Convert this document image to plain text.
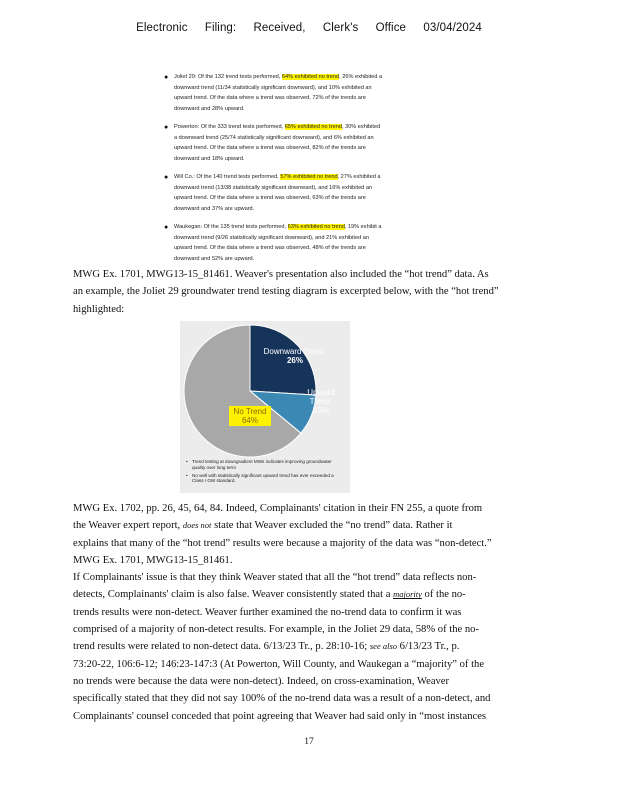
Electronic Filing: Received, Clerk's Office 03/04/2024
● Joliet 29: Of the 132 trend tests performed, 64% exhibited no trend, 26% exhibited a
downward trend (11/34 statistically significant downward), and 10% exhibited an
upward trend. Of the data where a trend was observed, 72% of the trends are
downward and 28% upward.
● Powerton: Of the 333 trend tests performed, 65% exhibited no trend, 30% exhibited
a downward trend (25/74 statistically significant downward), and 6% exhibited an
upward trend. Of the data where a trend was observed, 82% of the trends are
downward and 18% upward.
● Will Co.: Of the 140 trend tests performed, 57% exhibited no trend, 27% exhibited a
downward trend (13/38 statistically significant downward), and 16% exhibited an
upward trend. Of the data where a trend was observed, 63% of the trends are
downward and 37% are upward.
● Waukegan: Of the 135 trend tests performed, 63% exhibited no trend, 19% exhibit a
downward trend (9/26 statistically significant downward), and 21% exhibited an
upward trend. Of the data where a trend was observed, 48% of the trends are
downward and 52% are upward.
MWG Ex. 1701, MWG13-15_81461. Weaver's presentation also included the “hot trend” data. As
an example, the Joliet 29 groundwater trend testing diagram is excerpted below, with the “hot trend”
highlighted:
Downward Trend,
26%
Upward
Trend,
10%
No Trend
64%
• Trend testing at downgradient MWs indicates improving groundwater quality over long term
• No well with statistically significant upward trend has ever exceeded a Class I GW standard.
MWG Ex. 1702, pp. 26, 45, 64, 84. Indeed, Complainants' citation in their FN 255, a quote from
the Weaver expert report, does not state that Weaver excluded the “no trend” data. Rather it
explains that many of the “hot trend” results were because a majority of the data was “non-detect.”
MWG Ex. 1701, MWG13-15_81461.
If Complainants' issue is that they think Weaver stated that all the “hot trend” data reflects non-
detects, Complainants' claim is also false. Weaver consistently stated that a majority of the no-
trends results were non-detect. Weaver further examined the no-trend data to confirm it was
comprised of a majority of non-detect results. For example, in the Joliet 29 data, 58% of the no-
trend results were related to non-detect data. 6/13/23 Tr., p. 28:10-16; see also 6/13/23 Tr., p.
73:20-22, 106:6-12; 146:23-147:3 (At Powerton, Will County, and Waukegan a “majority” of the
no trends were because the data were non-detect). Indeed, on cross-examination, Weaver
specifically stated that they did not say 100% of the no-trend data was a result of a non-detect, and
Complainants' counsel conceded that point agreeing that Weaver had said only in “most instances
17
